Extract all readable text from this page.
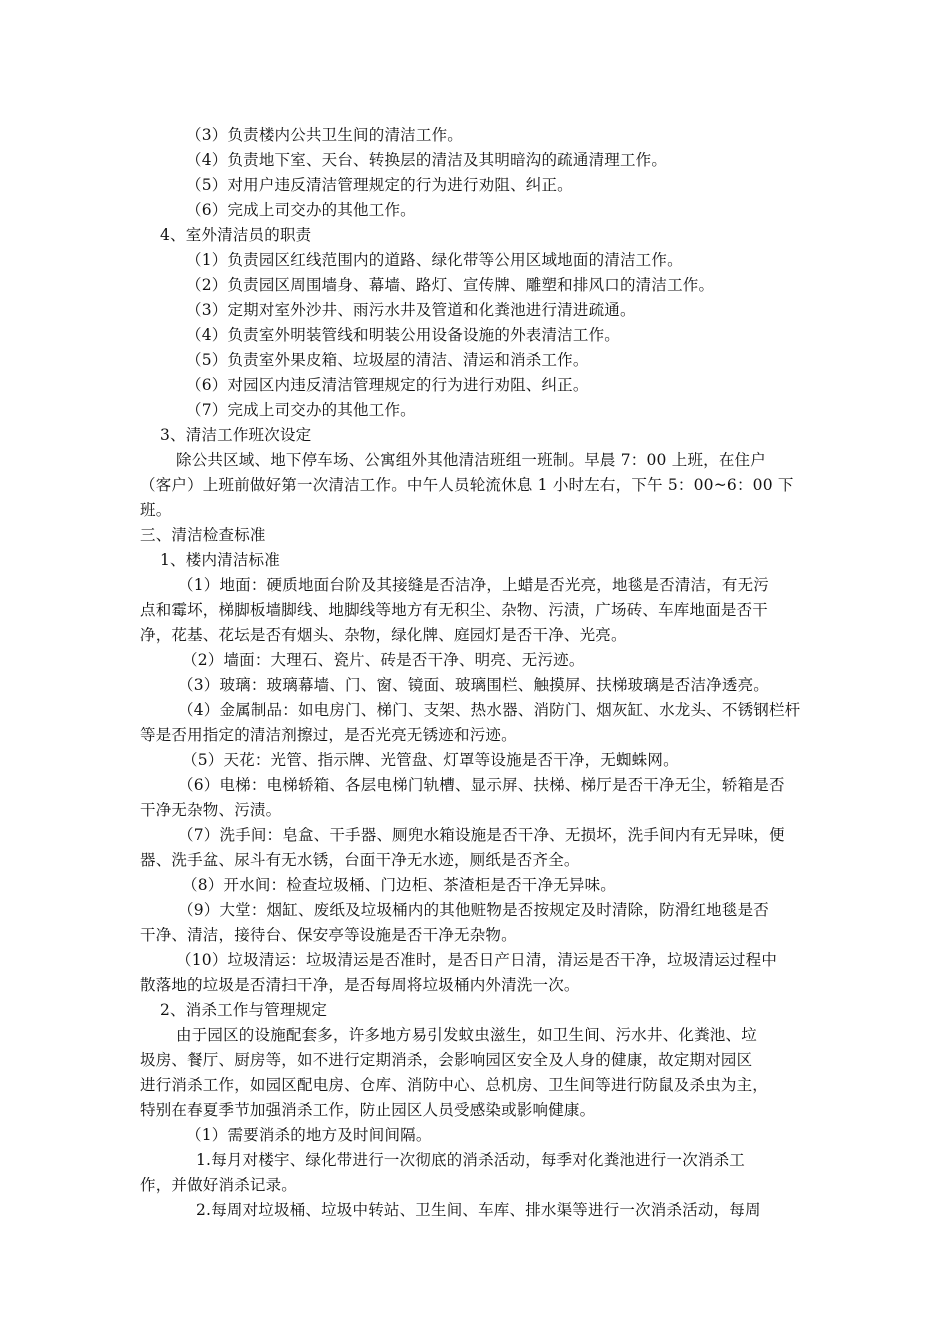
（3）负责楼内公共卫生间的清洁工作。
（4）负责地下室、天台、转换层的清洁及其明暗沟的疏通清理工作。
（5）对用户违反清洁管理规定的行为进行劝阻、纠正。
（6）完成上司交办的其他工作。
4、室外清洁员的职责
（1）负责园区红线范围内的道路、绿化带等公用区域地面的清洁工作。
（2）负责园区周围墙身、幕墙、路灯、宣传牌、雕塑和排风口的清洁工作。
（3）定期对室外沙井、雨污水井及管道和化粪池进行清进疏通。
（4）负责室外明装管线和明装公用设备设施的外表清洁工作。
（5）负责室外果皮箱、垃圾屋的清洁、清运和消杀工作。
（6）对园区内违反清洁管理规定的行为进行劝阻、纠正。
（7）完成上司交办的其他工作。
3、清洁工作班次设定
除公共区域、地下停车场、公寓组外其他清洁班组一班制。早晨 7：00 上班，在住户
（客户）上班前做好第一次清洁工作。中午人员轮流休息 1 小时左右，下午 5：00~6：00 下
班。
三、清洁检查标准
1、楼内清洁标准
（1）地面：硬质地面台阶及其接缝是否洁净，上蜡是否光亮，地毯是否清洁，有无污
点和霉坏，梯脚板墙脚线、地脚线等地方有无积尘、杂物、污渍，广场砖、车库地面是否干
净，花基、花坛是否有烟头、杂物，绿化牌、庭园灯是否干净、光亮。
（2）墙面：大理石、瓷片、砖是否干净、明亮、无污迹。
（3）玻璃：玻璃幕墙、门、窗、镜面、玻璃围栏、触摸屏、扶梯玻璃是否洁净透亮。
（4）金属制品：如电房门、梯门、支架、热水器、消防门、烟灰缸、水龙头、不锈钢栏杆
等是否用指定的清洁剂擦过，是否光亮无锈迹和污迹。
（5）天花：光管、指示牌、光管盘、灯罩等设施是否干净，无蜘蛛网。
（6）电梯：电梯轿箱、各层电梯门轨槽、显示屏、扶梯、梯厅是否干净无尘，轿箱是否
干净无杂物、污渍。
（7）洗手间：皂盒、干手器、厕兜水箱设施是否干净、无损坏，洗手间内有无异味，便
器、洗手盆、尿斗有无水锈，台面干净无水迹，厕纸是否齐全。
（8）开水间：检查垃圾桶、门边柜、茶渣柜是否干净无异味。
（9）大堂：烟缸、废纸及垃圾桶内的其他赃物是否按规定及时清除，防滑红地毯是否
干净、清洁，接待台、保安亭等设施是否干净无杂物。
（10）垃圾清运：垃圾清运是否准时，是否日产日清，清运是否干净，垃圾清运过程中
散落地的垃圾是否清扫干净，是否每周将垃圾桶内外清洗一次。
2、消杀工作与管理规定
由于园区的设施配套多，许多地方易引发蚊虫滋生，如卫生间、污水井、化粪池、垃
圾房、餐厅、厨房等，如不进行定期消杀，会影响园区安全及人身的健康，故定期对园区
进行消杀工作，如园区配电房、仓库、消防中心、总机房、卫生间等进行防鼠及杀虫为主，
特别在春夏季节加强消杀工作，防止园区人员受感染或影响健康。
（1）需要消杀的地方及时间间隔。
1.每月对楼宇、绿化带进行一次彻底的消杀活动，每季对化粪池进行一次消杀工
作，并做好消杀记录。
2.每周对垃圾桶、垃圾中转站、卫生间、车库、排水渠等进行一次消杀活动，每周
